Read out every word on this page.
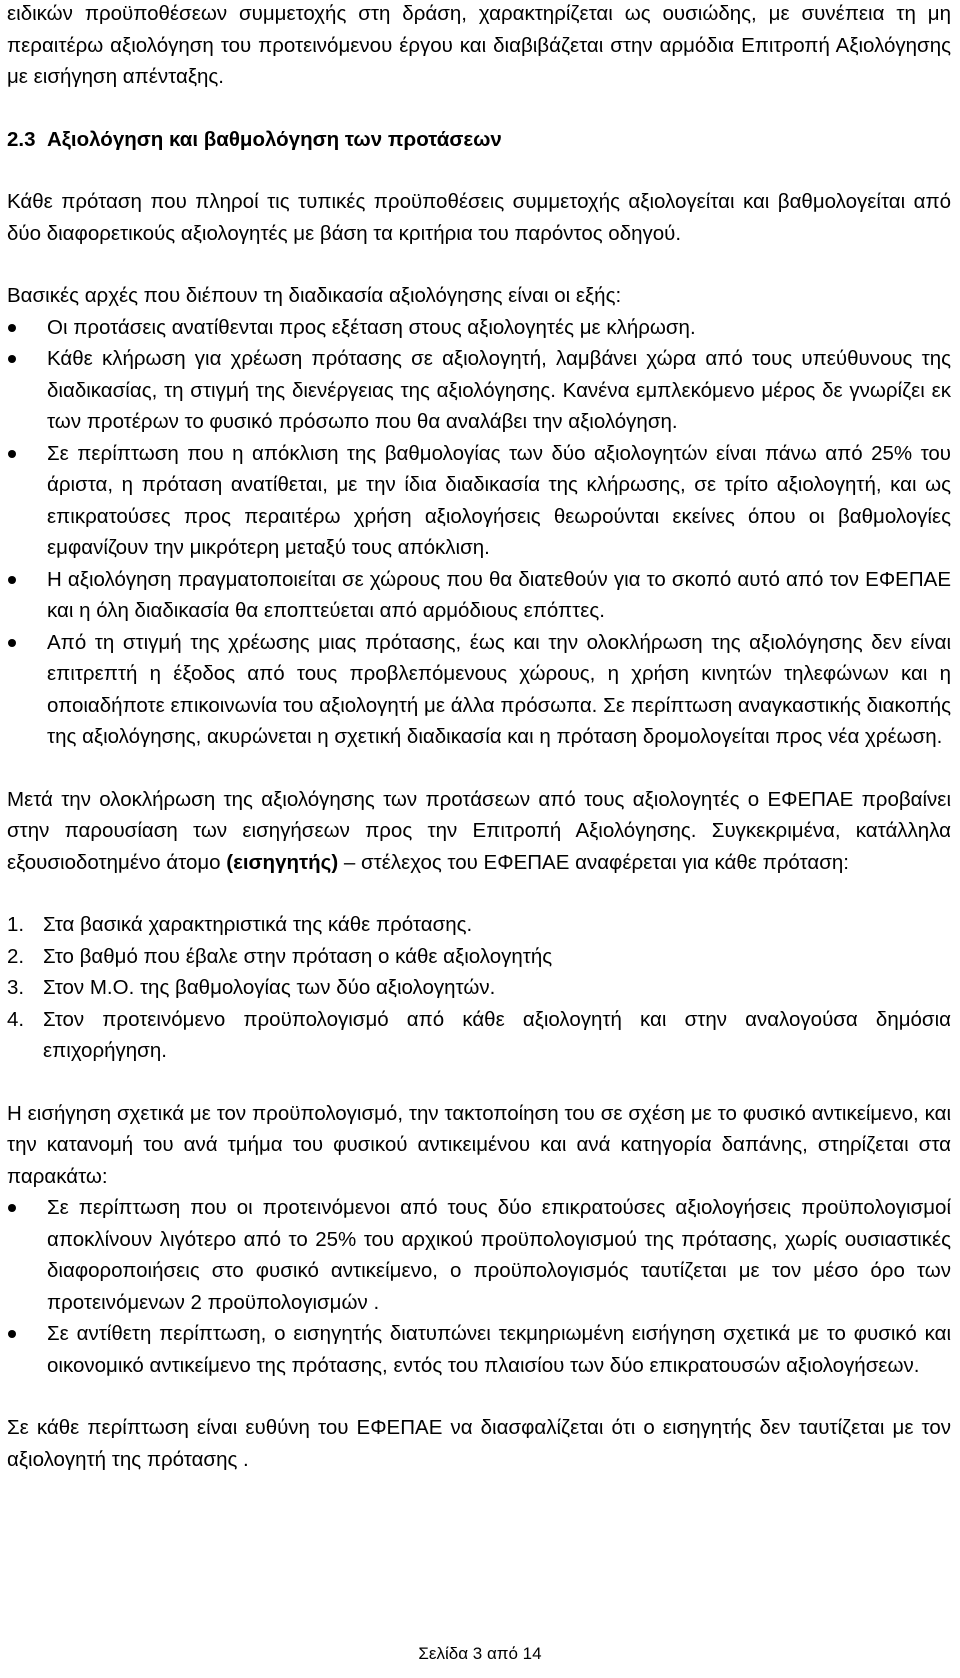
ειδικών προϋποθέσεων συμμετοχής στη δράση, χαρακτηρίζεται ως ουσιώδης, με συνέπεια τη μη περαιτέρω αξιολόγηση του προτεινόμενου έργου και διαβιβάζεται στην αρμόδια Επιτροπή Αξιολόγησης με εισήγηση απένταξης.

2.3 Αξιολόγηση και βαθμολόγηση των προτάσεων

Κάθε πρόταση που πληροί τις τυπικές προϋποθέσεις συμμετοχής αξιολογείται και βαθμολογείται από δύο διαφορετικούς αξιολογητές με βάση τα κριτήρια του παρόντος οδηγού.

Βασικές αρχές που διέπουν τη διαδικασία αξιολόγησης είναι οι εξής:

Οι προτάσεις ανατίθενται προς εξέταση στους αξιολογητές με κλήρωση.
Κάθε κλήρωση για χρέωση πρότασης σε αξιολογητή, λαμβάνει χώρα από τους υπεύθυνους της διαδικασίας, τη στιγμή της διενέργειας της αξιολόγησης. Κανένα εμπλεκόμενο μέρος δε γνωρίζει εκ των προτέρων το φυσικό πρόσωπο που θα αναλάβει την αξιολόγηση.
Σε περίπτωση που η απόκλιση της βαθμολογίας των δύο αξιολογητών είναι πάνω από 25% του άριστα, η πρόταση ανατίθεται, με την ίδια διαδικασία της κλήρωσης, σε τρίτο αξιολογητή, και ως επικρατούσες προς περαιτέρω χρήση αξιολογήσεις θεωρούνται εκείνες όπου οι βαθμολογίες εμφανίζουν την μικρότερη μεταξύ τους απόκλιση.
Η αξιολόγηση πραγματοποιείται σε χώρους που θα διατεθούν για το σκοπό αυτό από τον ΕΦΕΠΑΕ και η όλη διαδικασία θα εποπτεύεται από αρμόδιους επόπτες.
Από τη στιγμή της χρέωσης μιας πρότασης, έως και την ολοκλήρωση της αξιολόγησης δεν είναι επιτρεπτή η έξοδος από τους προβλεπόμενους χώρους, η χρήση κινητών τηλεφώνων και η οποιαδήποτε επικοινωνία του αξιολογητή με άλλα πρόσωπα. Σε περίπτωση αναγκαστικής διακοπής της αξιολόγησης, ακυρώνεται η σχετική διαδικασία και η πρόταση δρομολογείται προς νέα χρέωση.

Μετά την ολοκλήρωση της αξιολόγησης των προτάσεων από τους αξιολογητές ο ΕΦΕΠΑΕ προβαίνει στην παρουσίαση των εισηγήσεων προς την Επιτροπή Αξιολόγησης. Συγκεκριμένα, κατάλληλα εξουσιοδοτημένο άτομο (εισηγητής) – στέλεχος του ΕΦΕΠΑΕ αναφέρεται για κάθε πρόταση:

1. Στα βασικά χαρακτηριστικά της κάθε πρότασης.
2. Στο βαθμό που έβαλε στην πρόταση ο κάθε αξιολογητής
3. Στον Μ.Ο. της βαθμολογίας των δύο αξιολογητών.
4. Στον προτεινόμενο προϋπολογισμό από κάθε αξιολογητή και στην αναλογούσα δημόσια επιχορήγηση.

Η εισήγηση σχετικά με τον προϋπολογισμό, την τακτοποίηση του σε σχέση με το φυσικό αντικείμενο, και την κατανομή του ανά τμήμα του φυσικού αντικειμένου και ανά κατηγορία δαπάνης, στηρίζεται στα παρακάτω:

Σε περίπτωση που οι προτεινόμενοι από τους δύο επικρατούσες αξιολογήσεις προϋπολογισμοί αποκλίνουν λιγότερο από το 25% του αρχικού προϋπολογισμού της πρότασης, χωρίς ουσιαστικές διαφοροποιήσεις στο φυσικό αντικείμενο, ο προϋπολογισμός ταυτίζεται με τον μέσο όρο των προτεινόμενων 2 προϋπολογισμών .
Σε αντίθετη περίπτωση, ο εισηγητής διατυπώνει τεκμηριωμένη εισήγηση σχετικά με το φυσικό και οικονομικό αντικείμενο της πρότασης, εντός του πλαισίου των δύο επικρατουσών αξιολογήσεων.

Σε κάθε περίπτωση είναι ευθύνη του ΕΦΕΠΑΕ να διασφαλίζεται ότι ο εισηγητής δεν ταυτίζεται με τον αξιολογητή της πρότασης .

Σελίδα 3 από 14
